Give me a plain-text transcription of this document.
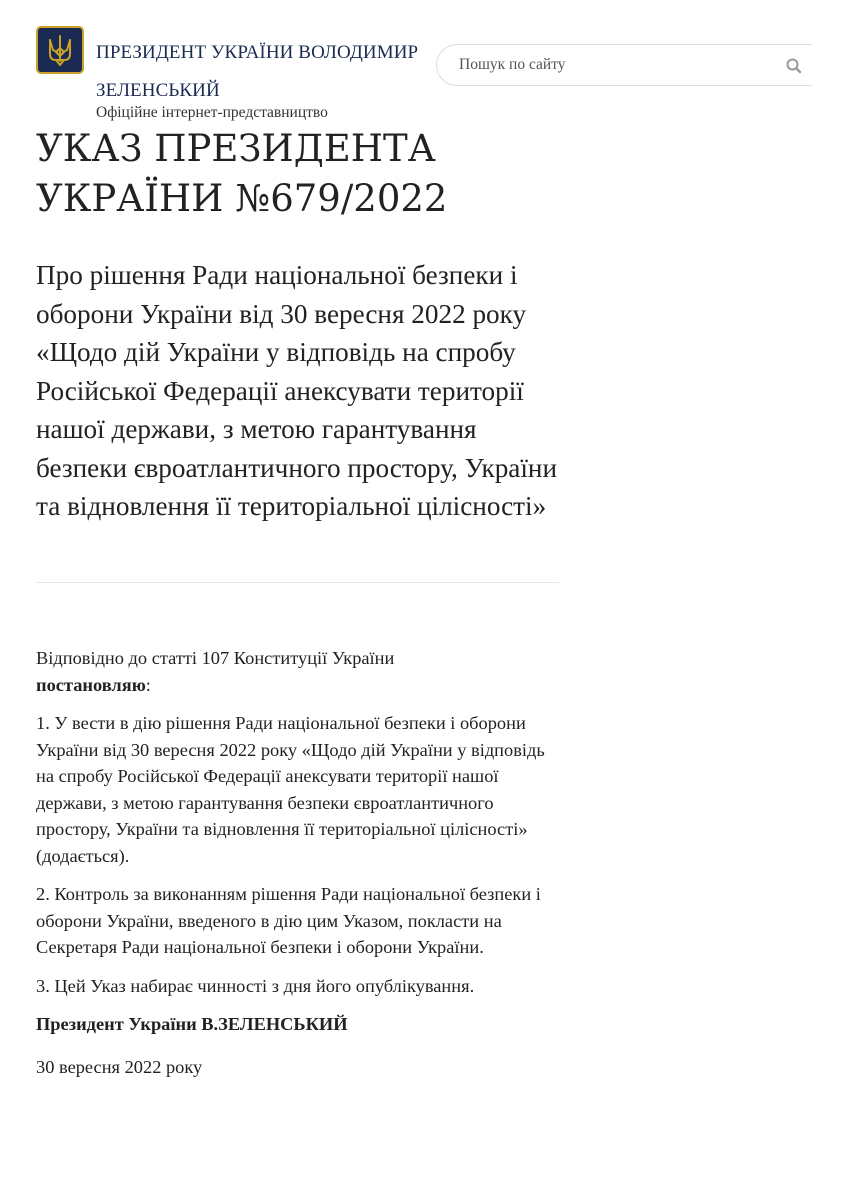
ПРЕЗИДЕНТ УКРАЇНИ ВОЛОДИМИР ЗЕЛЕНСЬКИЙ
Офіційне інтернет-представництво
Пошук по сайту
УКАЗ ПРЕЗИДЕНТА УКРАЇНИ №679/2022
Про рішення Ради національної безпеки і оборони України від 30 вересня 2022 року «Щодо дій України у відповідь на спробу Російської Федерації анексувати території нашої держави, з метою гарантування безпеки євроатлантичного простору, України та відновлення її територіальної цілісності»

Відповідно до статті 107 Конституції України
постановляю:

1. У вести в дію рішення Ради національної безпеки і оборони України від 30 вересня 2022 року «Щодо дій України у відповідь на спробу Російської Федерації анексувати території нашої держави, з метою гарантування безпеки євроатлантичного простору, України та відновлення її територіальної цілісності» (додається).

2. Контроль за виконанням рішення Ради національної безпеки і оборони України, введеного в дію цим Указом, покласти на Секретаря Ради національної безпеки і оборони України.

3. Цей Указ набирає чинності з дня його опублікування.

Президент України В.ЗЕЛЕНСЬКИЙ

30 вересня 2022 року
